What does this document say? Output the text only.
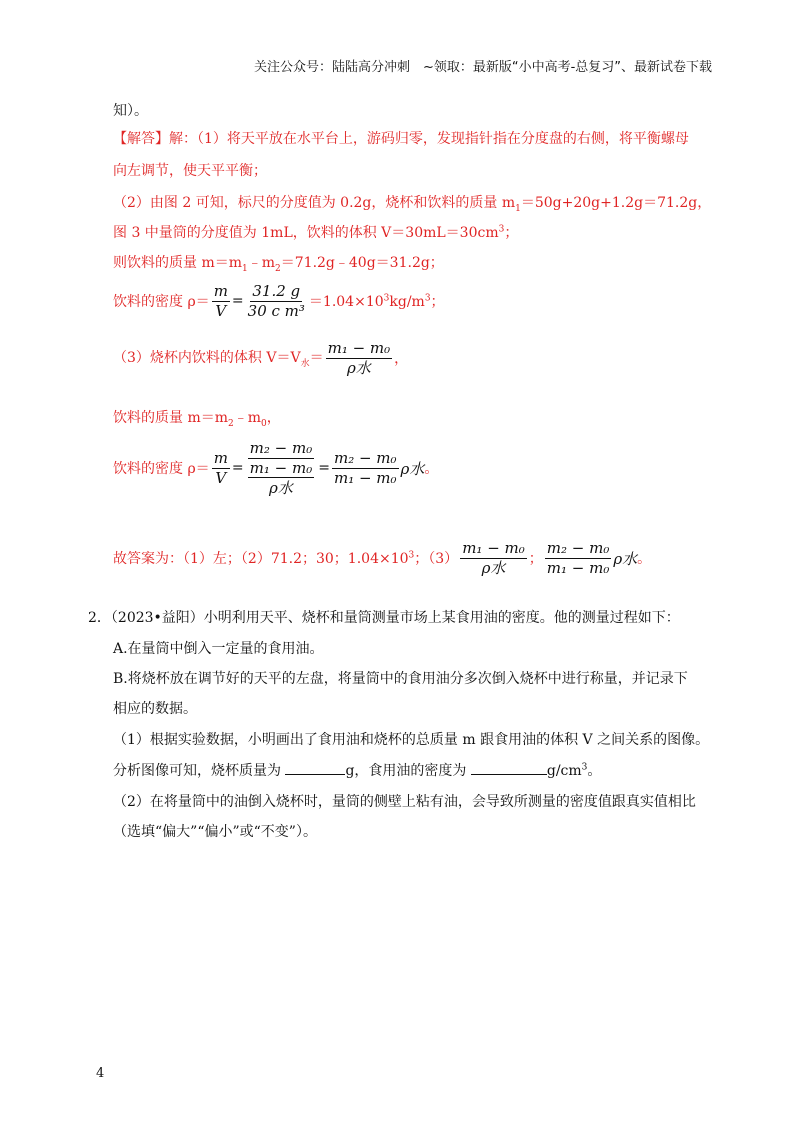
关注公众号：陆陆高分冲刺　~领取：最新版“小中高考-总复习”、最新试卷下载
知）。
【解答】解：（1）将天平放在水平台上，游码归零，发现指针指在分度盘的右侧，将平衡螺母
向左调节，使天平平衡；
（2）由图 2 可知，标尺的分度值为 0.2g，烧杯和饮料的质量 $m_1=50g+20g+1.2g=71.2g$，
图 3 中量筒的分度值为 1mL，饮料的体积 $V=30mL=30cm^3$；
则饮料的质量 $m=m_1﹣m_2=71.2g﹣40g=31.2g$；
饮料的密度 $\rho= \frac{m}{V} = \frac{31.2 g}{\text{30 c m³}} =1.04\times 10^3kg/m^3$；
（3）烧杯内饮料的体积 $V=V_水= \frac{\text{m₁ − m₀}}{\text{ρ水}}$ ，
饮料的质量 $m=m_2﹣m_0$，
饮料的密度 $\rho= \frac{m}{V} = m_2 - m_0$
m₁ − m₀
ρ水 = $\frac{\text{m₂ − m₀}}{\text{m₁ − m₀}}$ ρ水 。
故答案为：（1）左；（2）71.2；30；$1.04\times 10^3$；$(3) \frac{\text{m₁ − m₀}}{\text{ρ水}}$ ； $\frac{\text{m₂ − m₀}}{\text{m₁ − m₀}}$ ρ水 。
2．（2023•益阳）小明利用天平、烧杯和量筒测量市场上某食用油的密度。他的测量过程如下：
A.在量筒中倒入一定量的食用油。
B.将烧杯放在调节好的天平的左盘，将量筒中的食用油分多次倒入烧杯中进行称量，并记录下
相应的数据。
（1）根据实验数据，小明画出了食用油和烧杯的总质量 m 跟食用油的体积 V 之间关系的图像。
分析图像可知，烧杯质量为	g，食用油的密度为	$g/cm^3$。
（2）在将量筒中的油倒入烧杯时，量筒的侧壁上粘有油，会导致所测量的密度值跟真实值相比
（选填“偏大”“偏小”或“不变”）。
4
